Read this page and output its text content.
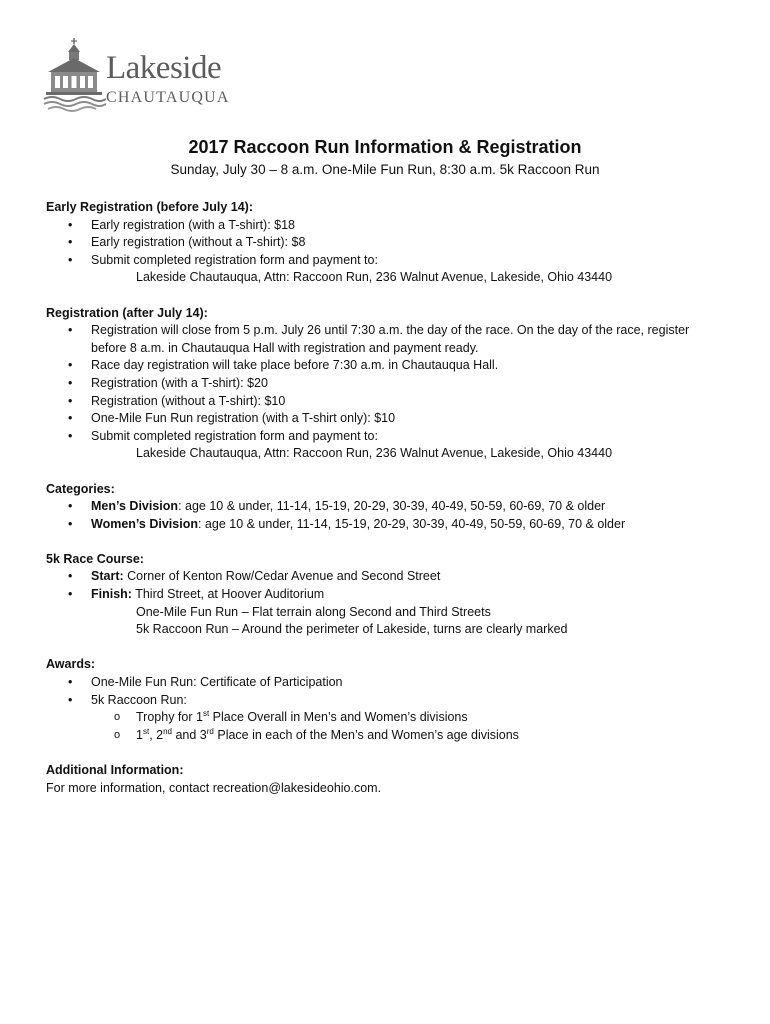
Lakeside
CHAUTAUQUA
2017 Raccoon Run Information & Registration
Sunday, July 30 – 8 a.m. One-Mile Fun Run, 8:30 a.m. 5k Raccoon Run
Early Registration (before July 14):
• Early registration (with a T-shirt): $18
• Early registration (without a T-shirt): $8
• Submit completed registration form and payment to:
Lakeside Chautauqua, Attn: Raccoon Run, 236 Walnut Avenue, Lakeside, Ohio 43440
Registration (after July 14):
• Registration will close from 5 p.m. July 26 until 7:30 a.m. the day of the race. On the day of the race, register before 8 a.m. in Chautauqua Hall with registration and payment ready.
• Race day registration will take place before 7:30 a.m. in Chautauqua Hall.
• Registration (with a T-shirt): $20
• Registration (without a T-shirt): $10
• One-Mile Fun Run registration (with a T-shirt only): $10
• Submit completed registration form and payment to:
Lakeside Chautauqua, Attn: Raccoon Run, 236 Walnut Avenue, Lakeside, Ohio 43440
Categories:
• Men’s Division: age 10 & under, 11-14, 15-19, 20-29, 30-39, 40-49, 50-59, 60-69, 70 & older
• Women’s Division: age 10 & under, 11-14, 15-19, 20-29, 30-39, 40-49, 50-59, 60-69, 70 & older
5k Race Course:
• Start: Corner of Kenton Row/Cedar Avenue and Second Street
• Finish: Third Street, at Hoover Auditorium
One-Mile Fun Run – Flat terrain along Second and Third Streets
5k Raccoon Run – Around the perimeter of Lakeside, turns are clearly marked
Awards:
• One-Mile Fun Run: Certificate of Participation
• 5k Raccoon Run:
o Trophy for 1st Place Overall in Men’s and Women’s divisions
o 1st, 2nd and 3rd Place in each of the Men’s and Women’s age divisions
Additional Information:
For more information, contact recreation@lakesideohio.com.
